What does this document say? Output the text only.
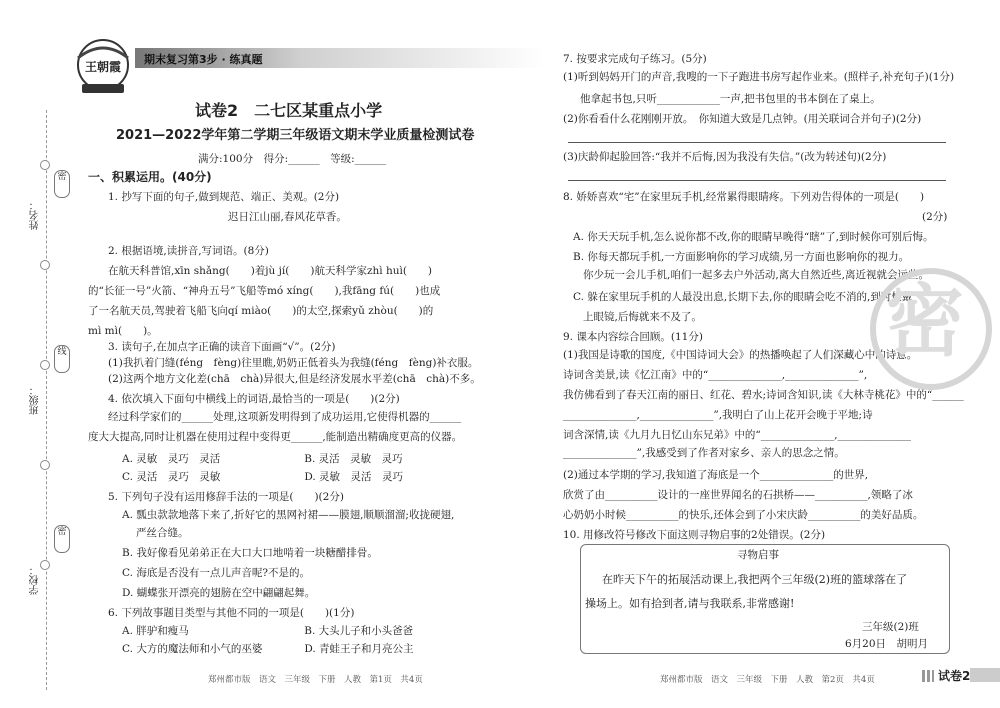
王朝霞
期末复习第3步 · 练真题
密
线
密
姓名：
班级：
学校：
试卷2　二七区某重点小学
2021—2022学年第二学期三年级语文期末学业质量检测试卷
满分:100分　得分:______　等级:______
一、积累运用。(40分)
1. 抄写下面的句子,做到规范、端正、美观。(2分)
迟日江山丽,春风花草香。
2. 根据语境,读拼音,写词语。(8分)
在航天科普馆,xīn shǎng(　　)着jù jí(　　)航天科学家zhì huì(　　)
的“长征一号”火箭、“神舟五号”飞船等mó xíng(　　),我fāng fú(　　)也成
了一名航天员,驾驶着飞船飞向qí miào(　　)的太空,探索yǔ zhòu(　　)的
mì mì(　　)。
3. 读句子,在加点字正确的读音下面画“√”。(2分)
(1)我扒着门缝(féng　fèng)往里瞧,奶奶正低着头为我缝(féng　fèng)补衣服。
(2)这两个地方文化差(chā　chà)异很大,但是经济发展水平差(chā　chà)不多。
4. 依次填入下面句中横线上的词语,最恰当的一项是(　　)(2分)
经过科学家们的______处理,这项新发明得到了成功运用,它使得机器的______
度大大提高,同时让机器在使用过程中变得更______,能制造出精确度更高的仪器。
A. 灵敏　灵巧　灵活　　　　　　　　B. 灵活　灵敏　灵巧
C. 灵活　灵巧　灵敏　　　　　　　　D. 灵敏　灵活　灵巧
5. 下列句子没有运用修辞手法的一项是(　　)(2分)
A. 瓢虫款款地落下来了,折好它的黑网衬裙——膜翅,顺顺溜溜;收拢硬翅,
严丝合缝。
B. 我好像看见弟弟正在大口大口地啃着一块糖醋排骨。
C. 海底是否没有一点儿声音呢?不是的。
D. 蝴蝶张开漂亮的翅膀在空中翩翩起舞。
6. 下列故事题目类型与其他不同的一项是(　　)(1分)
A. 胖驴和瘦马　　　　　　　　　　　B. 大头儿子和小头爸爸
C. 大方的魔法师和小气的巫婆　　　　D. 青蛙王子和月亮公主
7. 按要求完成句子练习。(5分)
(1)听到妈妈开门的声音,我嗖的一下子跑进书房写起作业来。(照样子,补充句子)(1分)
他拿起书包,只听____________一声,把书包里的书本倒在了桌上。
(2)你看看什么花刚刚开放。　你知道大致是几点钟。(用关联词合并句子)(2分)
(3)庆龄仰起脸回答:“我并不后悔,因为我没有失信。”(改为转述句)(2分)
8. 娇娇喜欢“宅”在家里玩手机,经常累得眼睛疼。下列劝告得体的一项是(　　)
(2分)
A. 你天天玩手机,怎么说你都不改,你的眼睛早晚得“瞎”了,到时候你可别后悔。
B. 你每天都玩手机,一方面影响你的学习成绩,另一方面也影响你的视力。
你少玩一会儿手机,咱们一起多去户外活动,离大自然近些,离近视就会远些。
C. 躲在家里玩手机的人最没出息,长期下去,你的眼睛会吃不消的,到时候戴
上眼镜,后悔就来不及了。
9. 课本内容综合回顾。(11分)
(1)我国是诗歌的国度,《中国诗词大会》的热播唤起了人们深藏心中的诗意。
诗词含美景,读《忆江南》中的“______________,______________”,
我仿佛看到了春天江南的丽日、红花、碧水;诗词含知识,读《大林寺桃花》中的“______
______________,______________”,我明白了山上花开会晚于平地;诗
词含深情,读《九月九日忆山东兄弟》中的“______________,______________
______________”,我感受到了作者对家乡、亲人的思念之情。
(2)通过本学期的学习,我知道了海底是一个______________的世界,
欣赏了由__________设计的一座世界闻名的石拱桥——__________,领略了冰
心奶奶小时候__________的快乐,还体会到了小宋庆龄__________的美好品质。
10. 用修改符号修改下面这则寻物启事的2处错误。(2分)
密
寻物启事
在昨天下午的拓展活动课上,我把两个三年级(2)班的篮球落在了
操场上。如有拾到者,请与我联系,非常感谢!
三年级(2)班
6月20日　胡明月
郑州都市版　语文　三年级　下册　人教　第1页　共4页	郑州都市版　语文　三年级　下册　人教　第2页　共4页	试卷2
